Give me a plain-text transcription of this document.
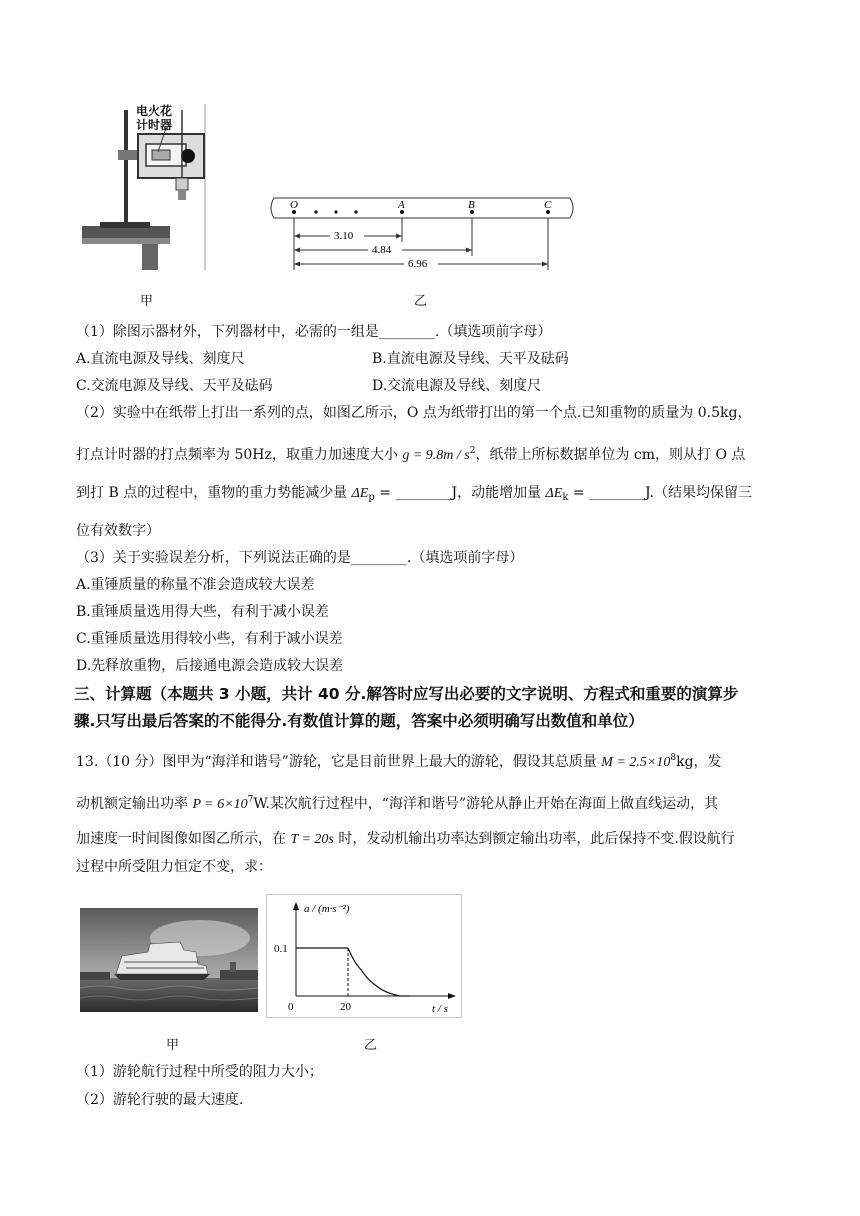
电火花
计时器
甲
O	A	B	C
3.10
4.84
6.96
乙
（1）除图示器材外，下列器材中，必需的一组是________.（填选项前字母）
A.直流电源及导线、刻度尺	B.直流电源及导线、天平及砝码
C.交流电源及导线、天平及砝码	D.交流电源及导线、刻度尺
（2）实验中在纸带上打出一系列的点，如图乙所示，O 点为纸带打出的第一个点.已知重物的质量为 0.5kg，
打点计时器的打点频率为 50Hz，取重力加速度大小 $g = 9.8m / s^2$，纸带上所标数据单位为 cm，则从打 O 点
到打 B 点的过程中，重物的重力势能减少量 $\Delta E_p$ = ________J，动能增加量 $\Delta E_k$ = ________J.（结果均保留三
位有效数字）
（3）关于实验误差分析，下列说法正确的是________.（填选项前字母）
A.重锤质量的称量不准会造成较大误差
B.重锤质量选用得大些，有利于减小误差
C.重锤质量选用得较小些，有利于减小误差
D.先释放重物，后接通电源会造成较大误差
三、计算题（本题共 3 小题，共计 40 分.解答时应写出必要的文字说明、方程式和重要的演算步
骤.只写出最后答案的不能得分.有数值计算的题，答案中必须明确写出数值和单位）
13.（10 分）图甲为“海洋和谐号”游轮，它是目前世界上最大的游轮，假设其总质量 $M = 2.5\times 10^8kg$，发
动机额定输出功率 $P = 6\times 10^7W$.某次航行过程中，“海洋和谐号”游轮从静止开始在海面上做直线运动，其
加速度一时间图像如图乙所示，在 T = 20s 时，发动机输出功率达到额定输出功率，此后保持不变.假设航行
过程中所受阻力恒定不变，求：
甲
a / (m·s⁻²)
t / s
0	20
0.1
乙
（1）游轮航行过程中所受的阻力大小；
（2）游轮行驶的最大速度.
